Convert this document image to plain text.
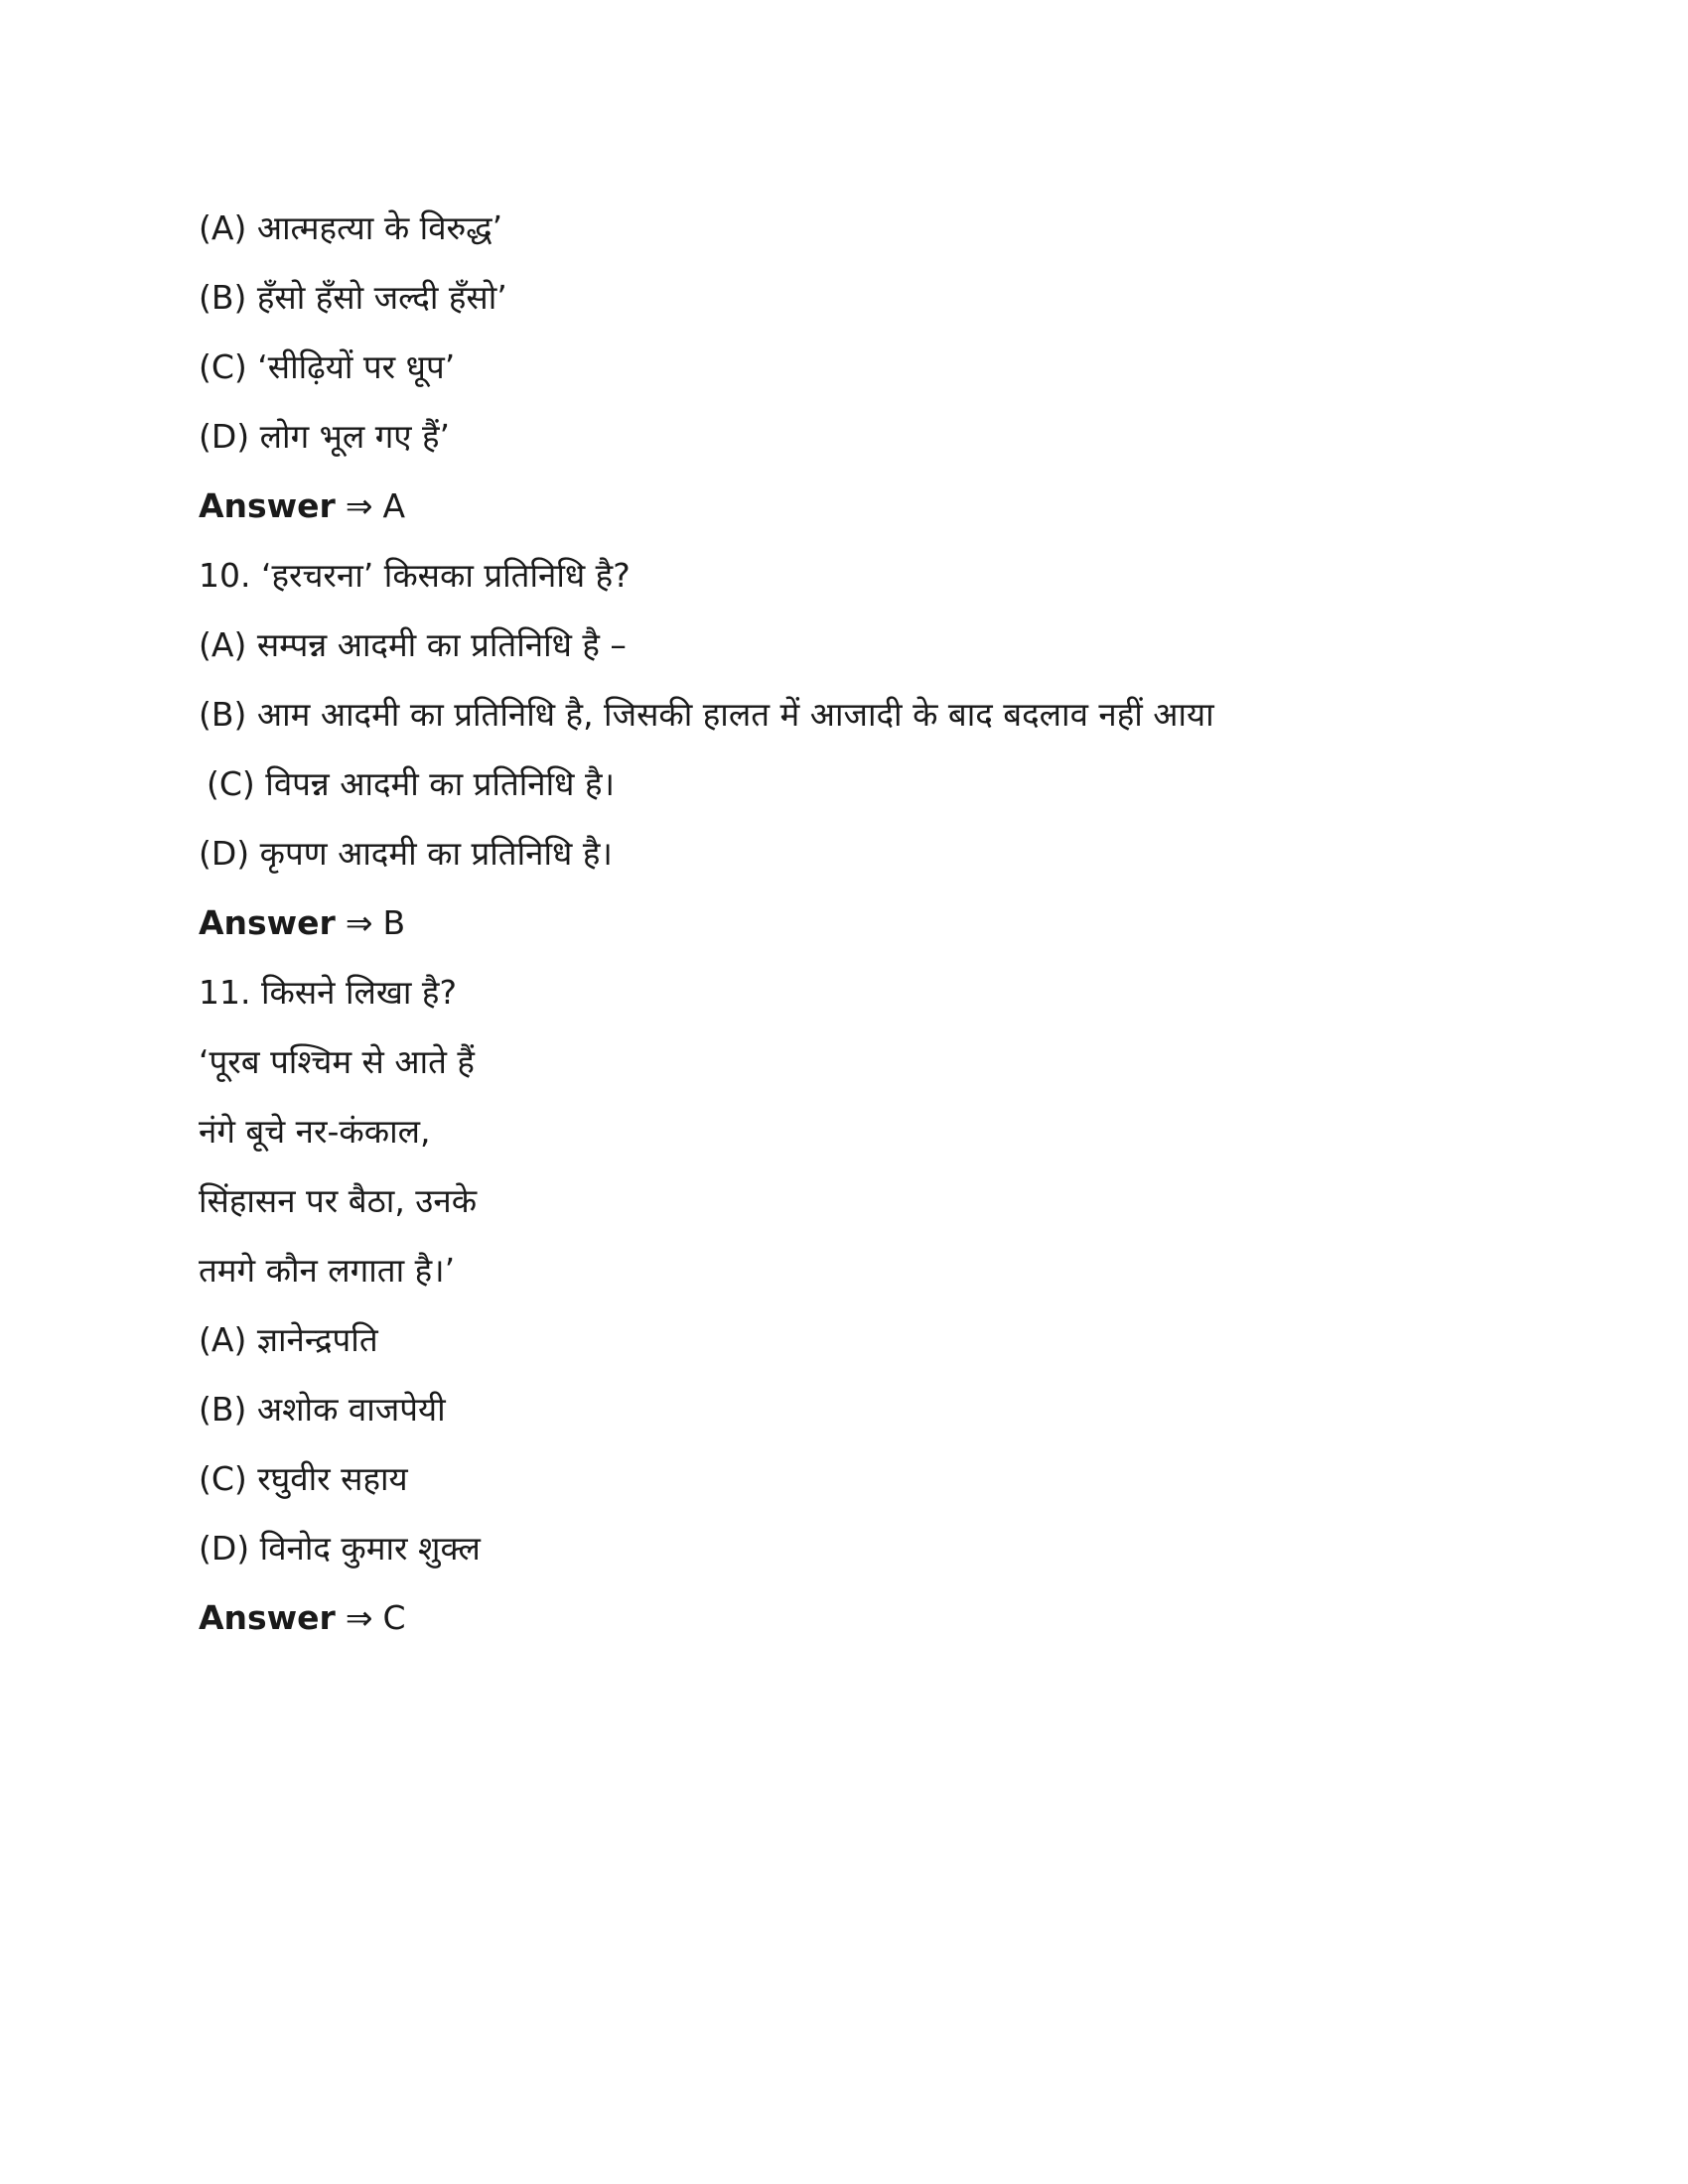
(A) आत्महत्या के विरुद्ध’
(B) हँसो हँसो जल्दी हँसो’
(C) ‘सीढ़ियों पर धूप’
(D) लोग भूल गए हैं’
Answer ⇒ A
10. ‘हरचरना’ किसका प्रतिनिधि है?
(A) सम्पन्न आदमी का प्रतिनिधि है –
(B) आम आदमी का प्रतिनिधि है, जिसकी हालत में आजादी के बाद बदलाव नहीं आया
(C) विपन्न आदमी का प्रतिनिधि है।
(D) कृपण आदमी का प्रतिनिधि है।
Answer ⇒ B
11. किसने लिखा है?
‘पूरब पश्चिम से आते हैं
नंगे बूचे नर-कंकाल,
सिंहासन पर बैठा, उनके
तमगे कौन लगाता है।’
(A) ज्ञानेन्द्रपति
(B) अशोक वाजपेयी
(C) रघुवीर सहाय
(D) विनोद कुमार शुक्ल
Answer ⇒ C
